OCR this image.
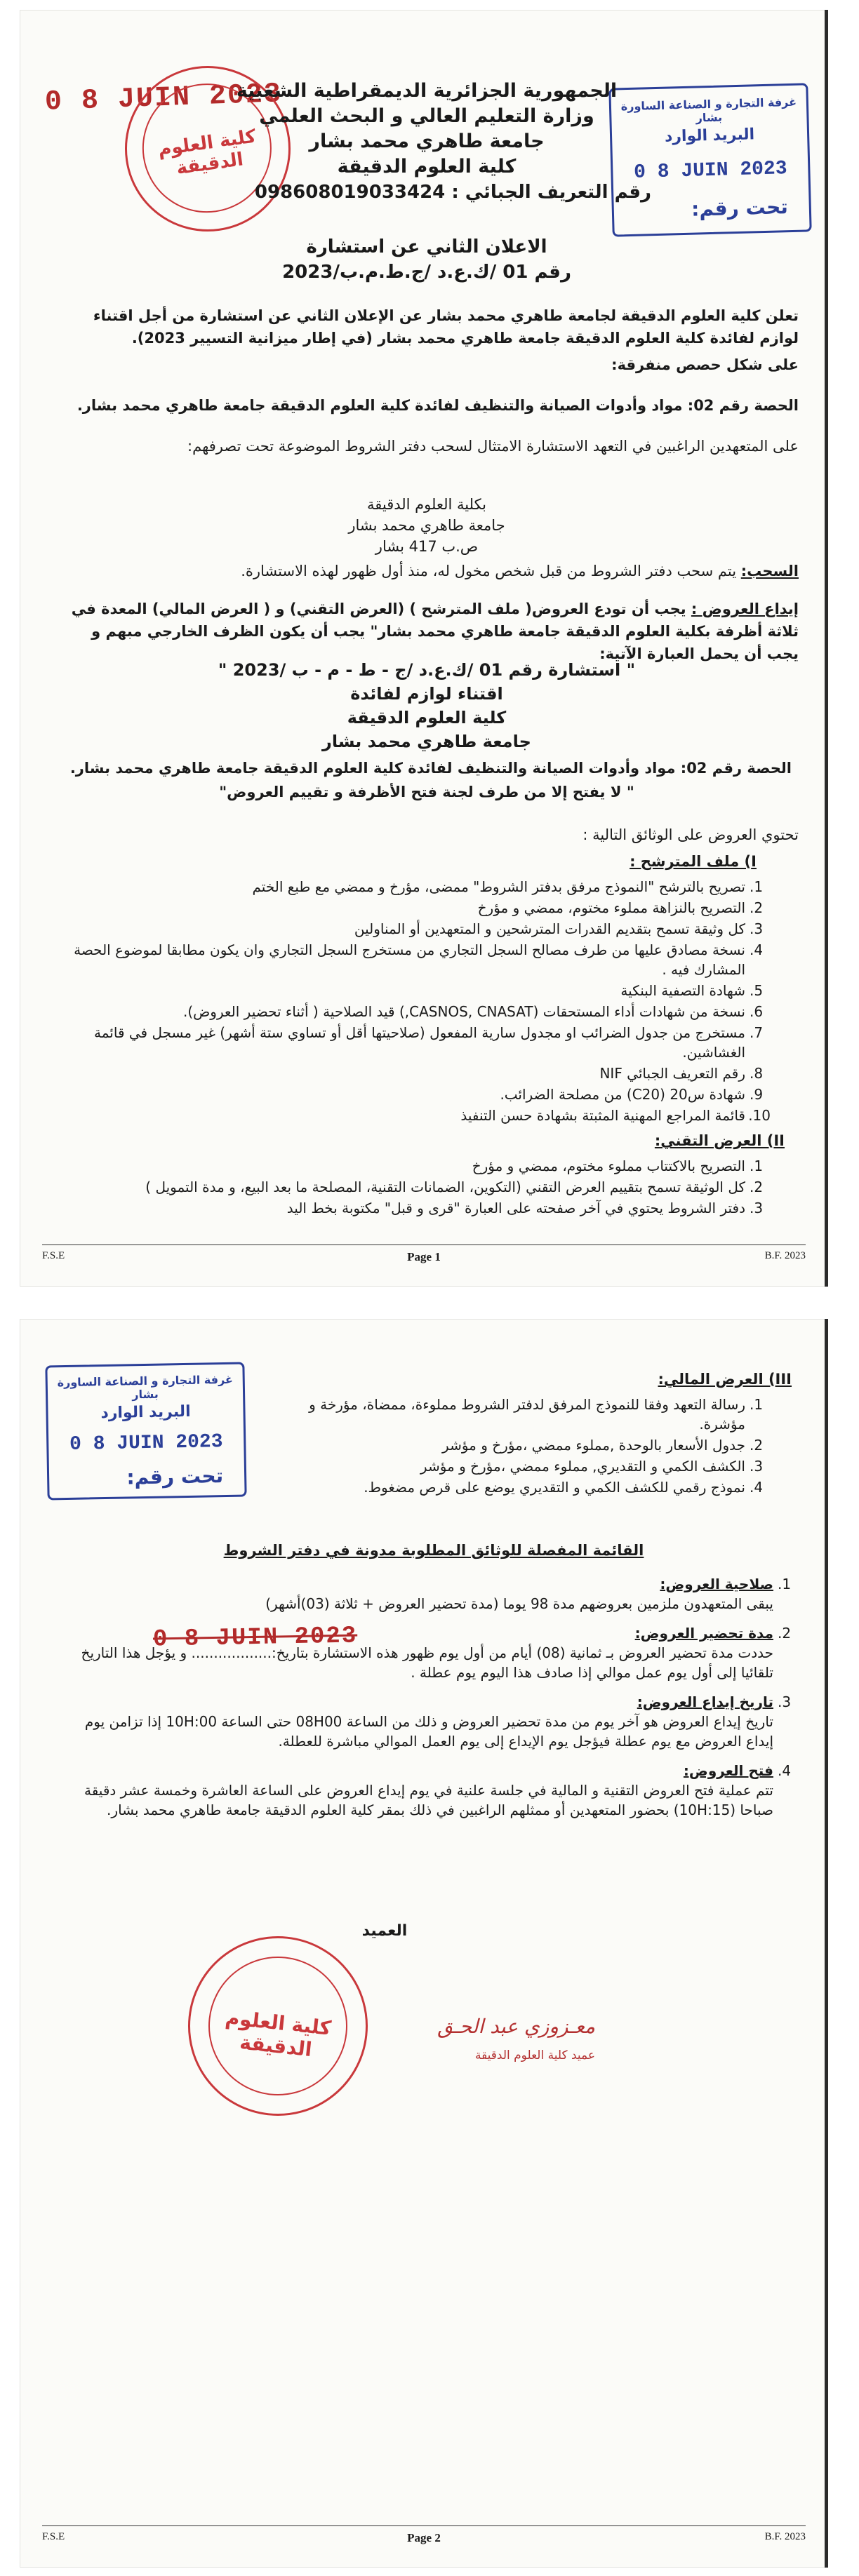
0 8 JUIN 2023
كلية العلوم الدقيقة
غرفة التجارة و الصناعة الساورة بشار
البريد الوارد
0 8 JUIN 2023
تحت رقم:
الجمهورية الجزائرية الديمقراطية الشعبية
وزارة التعليم العالي و البحث العلمي
جامعة طاهري محمد بشار
كلية العلوم الدقيقة
رقم التعريف الجبائي : 098608019033424
الاعلان الثاني عن استشارة
رقم 01 /ك.ع.د /ج.ط.م.ب/2023

تعلن كلية العلوم الدقيقة لجامعة طاهري محمد بشار عن الإعلان الثاني عن استشارة من أجل اقتناء لوازم لفائدة كلية العلوم الدقيقة جامعة طاهري محمد بشار (في إطار ميزانية التسيير 2023).

على شكل حصص منفرقة:

الحصة رقم 02: مواد وأدوات الصيانة والتنظيف لفائدة كلية العلوم الدقيقة جامعة طاهري محمد بشار.

على المتعهدين الراغبين في التعهد الاستشارة الامتثال لسحب دفتر الشروط الموضوعة تحت تصرفهم:

بكلية العلوم الدقيقة
جامعة طاهري محمد بشار
ص.ب 417 بشار

السحب: يتم سحب دفتر الشروط من قبل شخص مخول له، منذ أول ظهور لهذه الاستشارة.

إيداع العروض : يجب أن تودع العروض( ملف المترشح ) (العرض التقني) و ( العرض المالي) المعدة في ثلاثة أظرفة بكلية العلوم الدقيقة جامعة طاهري محمد بشار" يجب أن يكون الظرف الخارجي مبهم و يجب أن يحمل العبارة الآتية:

" استشارة رقم 01 /ك.ع.د /ج - ط - م - ب /2023 "
اقتناء لوازم لفائدة
كلية العلوم الدقيقة
جامعة طاهري محمد بشار
الحصة رقم 02: مواد وأدوات الصيانة والتنظيف لفائدة كلية العلوم الدقيقة جامعة طاهري محمد بشار.
" لا يفتح إلا من طرف لجنة فتح الأظرفة و تقييم العروض"

تحتوي العروض على الوثائق التالية :

I) ملف المترشح :

1.
تصريح بالترشح "النموذج مرفق بدفتر الشروط" ممضى، مؤرخ و ممضي مع طبع الختم
2.
التصريح بالنزاهة مملوء مختوم، ممضي و مؤرخ
3.
كل وثيقة تسمح بتقديم القدرات المترشحين و المتعهدين أو المناولين
4.
نسخة مصادق عليها من طرف مصالح السجل التجاري من مستخرج السجل التجاري وان يكون مطابقا لموضوع الحصة المشارك فيه .
5.
شهادة التصفية البنكية
6.
نسخة من شهادات أداء المستحقات (CASNOS, CNASAT,) قيد الصلاحية ( أثناء تحضير العروض).
7.
مستخرج من جدول الضرائب او مجدول سارية المفعول (صلاحيتها أقل أو تساوي ستة أشهر) غير مسجل في قائمة الغشاشين.
8.
رقم التعريف الجبائي NIF
9.
شهادة س20 (C20) من مصلحة الضرائب.
10.
قائمة المراجع المهنية المثبتة بشهادة حسن التنفيذ

II) العرض التقني:

1.
التصريح بالاكتتاب مملوء مختوم، ممضي و مؤرخ
2.
كل الوثيقة تسمح بتقييم العرض التقني (التكوين، الضمانات التقنية، المصلحة ما بعد البيع، و مدة التمويل )
3.
دفتر الشروط يحتوي في آخر صفحته على العبارة "قرى و قبل" مكتوبة بخط اليد
F.S.E	Page 1	B.F. 2023
غرفة التجارة و الصناعة الساورة بشار
البريد الوارد
0 8 JUIN 2023
تحت رقم:

III) العرض المالي:

1.
رسالة التعهد وفقا للنموذج المرفق لدفتر الشروط مملوءة، ممضاة، مؤرخة و مؤشرة.
2.
جدول الأسعار بالوحدة ,مملوء ممضي ،مؤرخ و مؤشر
3.
الكشف الكمي و التقديري, مملوء ممضي ،مؤرخ و مؤشر
4.
نموذج رقمي للكشف الكمي و التقديري يوضع على قرص مضغوط.
القائمة المفصلة للوثائق المطلوبة مدونة في دفتر الشروط
0 8 JUIN 2023
1.
صلاحية العروض:
يبقى المتعهدون ملزمين بعروضهم مدة 98 يوما (مدة تحضير العروض + ثلاثة (03)أشهر)
2.
مدة تحضير العروض:
حددت مدة تحضير العروض بـ ثمانية (08) أيام من أول يوم ظهور هذه الاستشارة بتاريخ:.................. و يؤجل هذا التاريخ تلقائيا إلى أول يوم عمل موالي إذا صادف هذا اليوم يوم عطلة .
3.
تاريخ إيداع العروض:
تاريخ إيداع العروض هو آخر يوم من مدة تحضير العروض و ذلك من الساعة 08H00 حتى الساعة 10H:00 إذا تزامن يوم إيداع العروض مع يوم عطلة فيؤجل يوم الإيداع إلى يوم العمل الموالي مباشرة للعطلة.
4.
فتح العروض:
تتم عملية فتح العروض التقنية و المالية في جلسة علنية في يوم إيداع العروض على الساعة العاشرة وخمسة عشر دقيقة صباحا (10H:15) بحضور المتعهدين أو ممثلهم الراغبين في ذلك بمقر كلية العلوم الدقيقة جامعة طاهري محمد بشار.
العميد
كلية العلوم الدقيقة
معـزوزي عبد الحـق
عميد كلية العلوم الدقيقة
F.S.E	Page 2	B.F. 2023
